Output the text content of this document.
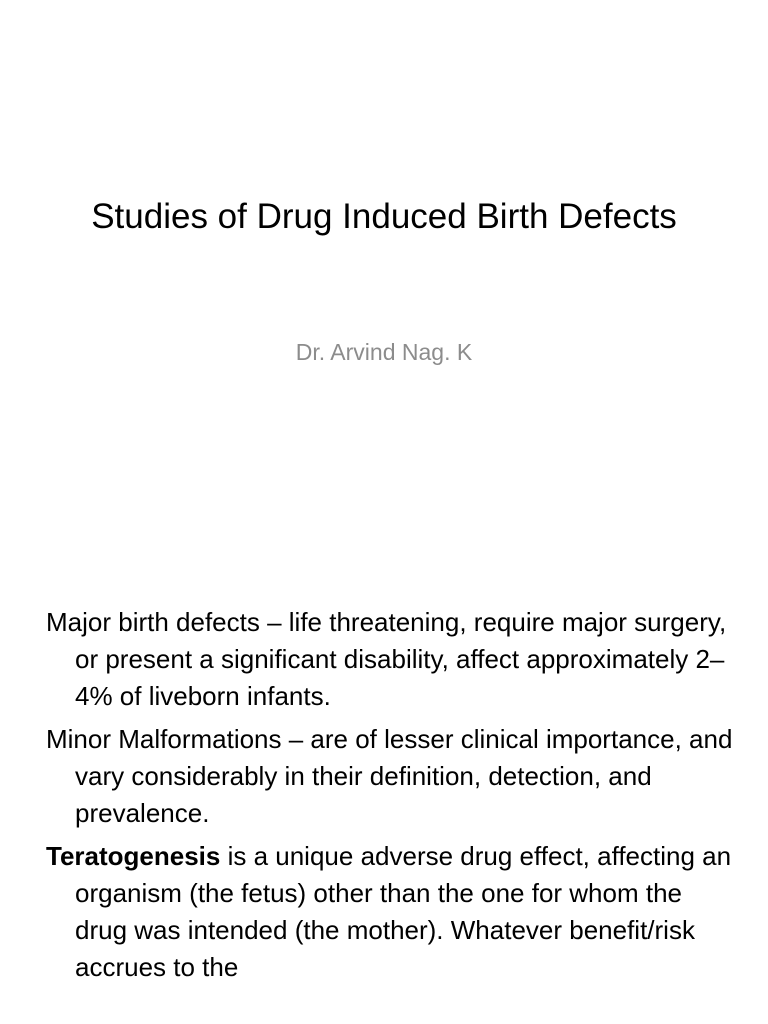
Studies of Drug Induced Birth Defects

Dr. Arvind Nag. K

Major birth defects – life threatening, require major surgery, or present a significant disability, affect approximately 2–4% of liveborn infants.

Minor Malformations – are of lesser clinical importance, and vary considerably in their definition, detection, and prevalence.

Teratogenesis is a unique adverse drug effect, affecting an organism (the fetus) other than the one for whom the drug was intended (the mother). Whatever benefit/risk accrues to the
